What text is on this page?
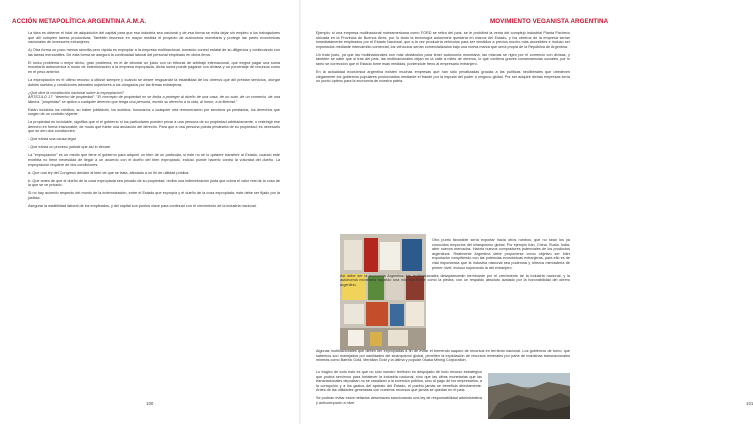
ACCIÓN METAPOLÍTICA ARGENTINA A.M.A.
100
MOVIMIENTO VEGANISTA ARGENTINA
101

La idea es obtener el total de adquisición del capital para que esa industria sea nacional y de esa forma se evita dejar sin empleo a los trabajadores que allí cumplen tareas productivas. También favorece en mayor medida el proyecto de autonomía monetaria y protege las pares económicas nacionales de inversores extranjeros.

A) Otra forma un poco menos sencilla pero rápida es expropiar a la empresa multinacional, tomando control estatal de su diligencia y continuando con las tareas mercantiles. De esta forma se asegura la continuidad laboral del personal empleado en dicha firma.

El único problema o mejor dicho, gran problema, es el de afrontar un juicio con un tribunal de arbitraje internacional, que exigirá pagar una suma monetaria astronómica a modo de indemnización a la empresa expropiada, dicha suma puede pagarse con divisas y un porcentaje de recursos como en el peso anterior.

La expropiación es el último recurso a utilizar siempre y cuando se desee resguardar la estabilidad de los obreros que allí prestan servicios, otorgar dobles sueldos y condiciones laborales superiores a los otorgados por las firmas extranjeras.

¿Qué dice la constitución nacional sobre la expropiación?
ARTÍCULO 17: "derecho de propiedad". "El concepto de propiedad no se limita a proteger al dueño de una casa, de un auto, de un comercio, de una fábrica. "propiedad" se aplica a cualquier derecho que tenga una persona, escrito su derecho a la vida, al honor, a la libertad."

Están incluidos los créditos, su haber jubilatorio, los sueldos, honorarios o cualquier otra remuneración por servicios ya prestados, los derechos que surgen de un contrato vigente.

La propiedad es inviolable, significa que ni el gobierno ni los particulares pueden privar a una persona de su propiedad arbitrariamente, o restringir ese derecho en forma irrazonable, de modo que fuese una anulación del derecho. Para que a una persona pueda privársela de su propiedad, es necesario que se den dos condiciones:

- Que exista una causa legal.

- Que exista un proceso judicial que así lo decare.

La "expropiación" es un medio que tiene el gobierno para adquirir un bien de un particular, si éste no se lo quisiere transferir al Estado, cuando este exorbita no tiene necesidad de llegar a un acuerdo con el dueño del bien expropiado, incluso puede hacerlo contra la voluntad del dueño. La expropiación requiere de dos condiciones:

a- Que una ley del Congreso declare al bien de que se trata, afectado a un fin de utilidad pública.

b- Que antes de que el dueño de la cosa expropiada sea privado de su propiedad, reciba una indemnización justa que cubra el valor real de la cosa de la que se ve privado.

Si no hay acuerdo respecto del monto de la indemnización, entre el Estado que expropia y el dueño de la cosa expropiada, éste debe ser fijado por la justicia.

Asegurar la estabilidad laboral de los empleados, y del capital son puntos clave para continuar con el crecimiento de la industria nacional.

Ejemplo: si una empresa multinacional norteamericana como FORD se retira del país, se le prohibirá la venta del complejo industrial Planta Pacheco ubicada en la Provincia de Buenos Aires, por lo tanto la tecnología automotriz quedaría en manos del Estado, y los obreros de la empresa serían inmediatamente empleados por el Estado Nacional, que a la vez produciría vehículos para ser vendidos a precios mucho más accesibles e incluso ser exportados mediante intercambio comercial, los vehículos serían comercializados bajo una nueva marca que sería propia de la República de Argentina.

Un trato justo, ya que las multinacionales son más obstáculos para tener autonomía monetaria, las mismas se rigen por el comercio con divisas, y también se sabe que si tras del país, las multinacionales dejan en la calle a miles de obreros, lo que conlleva graves consecuencias sociales, por lo tanto se corrección que el Estado tome esas medidas, poniéndole freno al empresario extranjero.

En la actualidad económica argentina existen muchas empresas que han sido privatizadas gracias a las políticas neoliberales que obedecen ciegamente los gobiernos populares posicionados mediante el fraude por la espuda del poder a ninguno global. Por ser adquirir dichas empresas sería un punto óptimo para la economía de nuestra patria.

Otro punto favorable sería exportar hacia otros rumbos, que no sean los ya conocidos emporios del sinarquismo global. Por ejemplo Irán, China, Rusia, India; abrir nuevos mercados. Habría nuevos compradores potenciales de los productos argentinos. Realmente Argentina debe proponerse como objetivo ser líder exportador compitiendo con las potencias económicas extranjeras, para ello es de vital importancia que la industria nacional sea poderosa y ofrezca mercadería de primer nivel, incluso superando la del extranjero.

Así debe ser la economía Argentina: las multinacionales desaparecerán terminante por el crecimiento de la industria nacional, y la autonomía monetaria forjando una moneda fuerte como la piedra, con un respaldo absoluto avalado por la honorabilidad del obrero argentino.

Algunas multinacionales que deben ser expropiadas a fin de evitar el tremendo saqueo de recursos en territorio nacional. Los gobiernos de turno, que sabemos son manejados por sanlidades del sinarquismo global, permiten la explotación de recursos minerales por parte de industrias transnacionales mineras como Barrick Gold, Meridian Gold y la última y popular Osaka Mining Corporation.

Lo trágico de todo esto es que no sólo nuestro territorio es despojado de todo recurso estratégico que podría servirnos para fortalecer la industria nacional, sino que las cifras monetarias que las transnacionales depositan no se canalizan a la inversión pública, sino al pago de los empresarios, a la corrupción y a los gastos del aparato del Estado, el pueblo jamás se beneficia directamente. Antes de las utilidades generadas con nuestros recursos que jamás se quedan en el país.

Se podrían evitar estos nefastos desenlaces sancionando una ley de responsabilidad administrativa y anticorrupción a nivel
